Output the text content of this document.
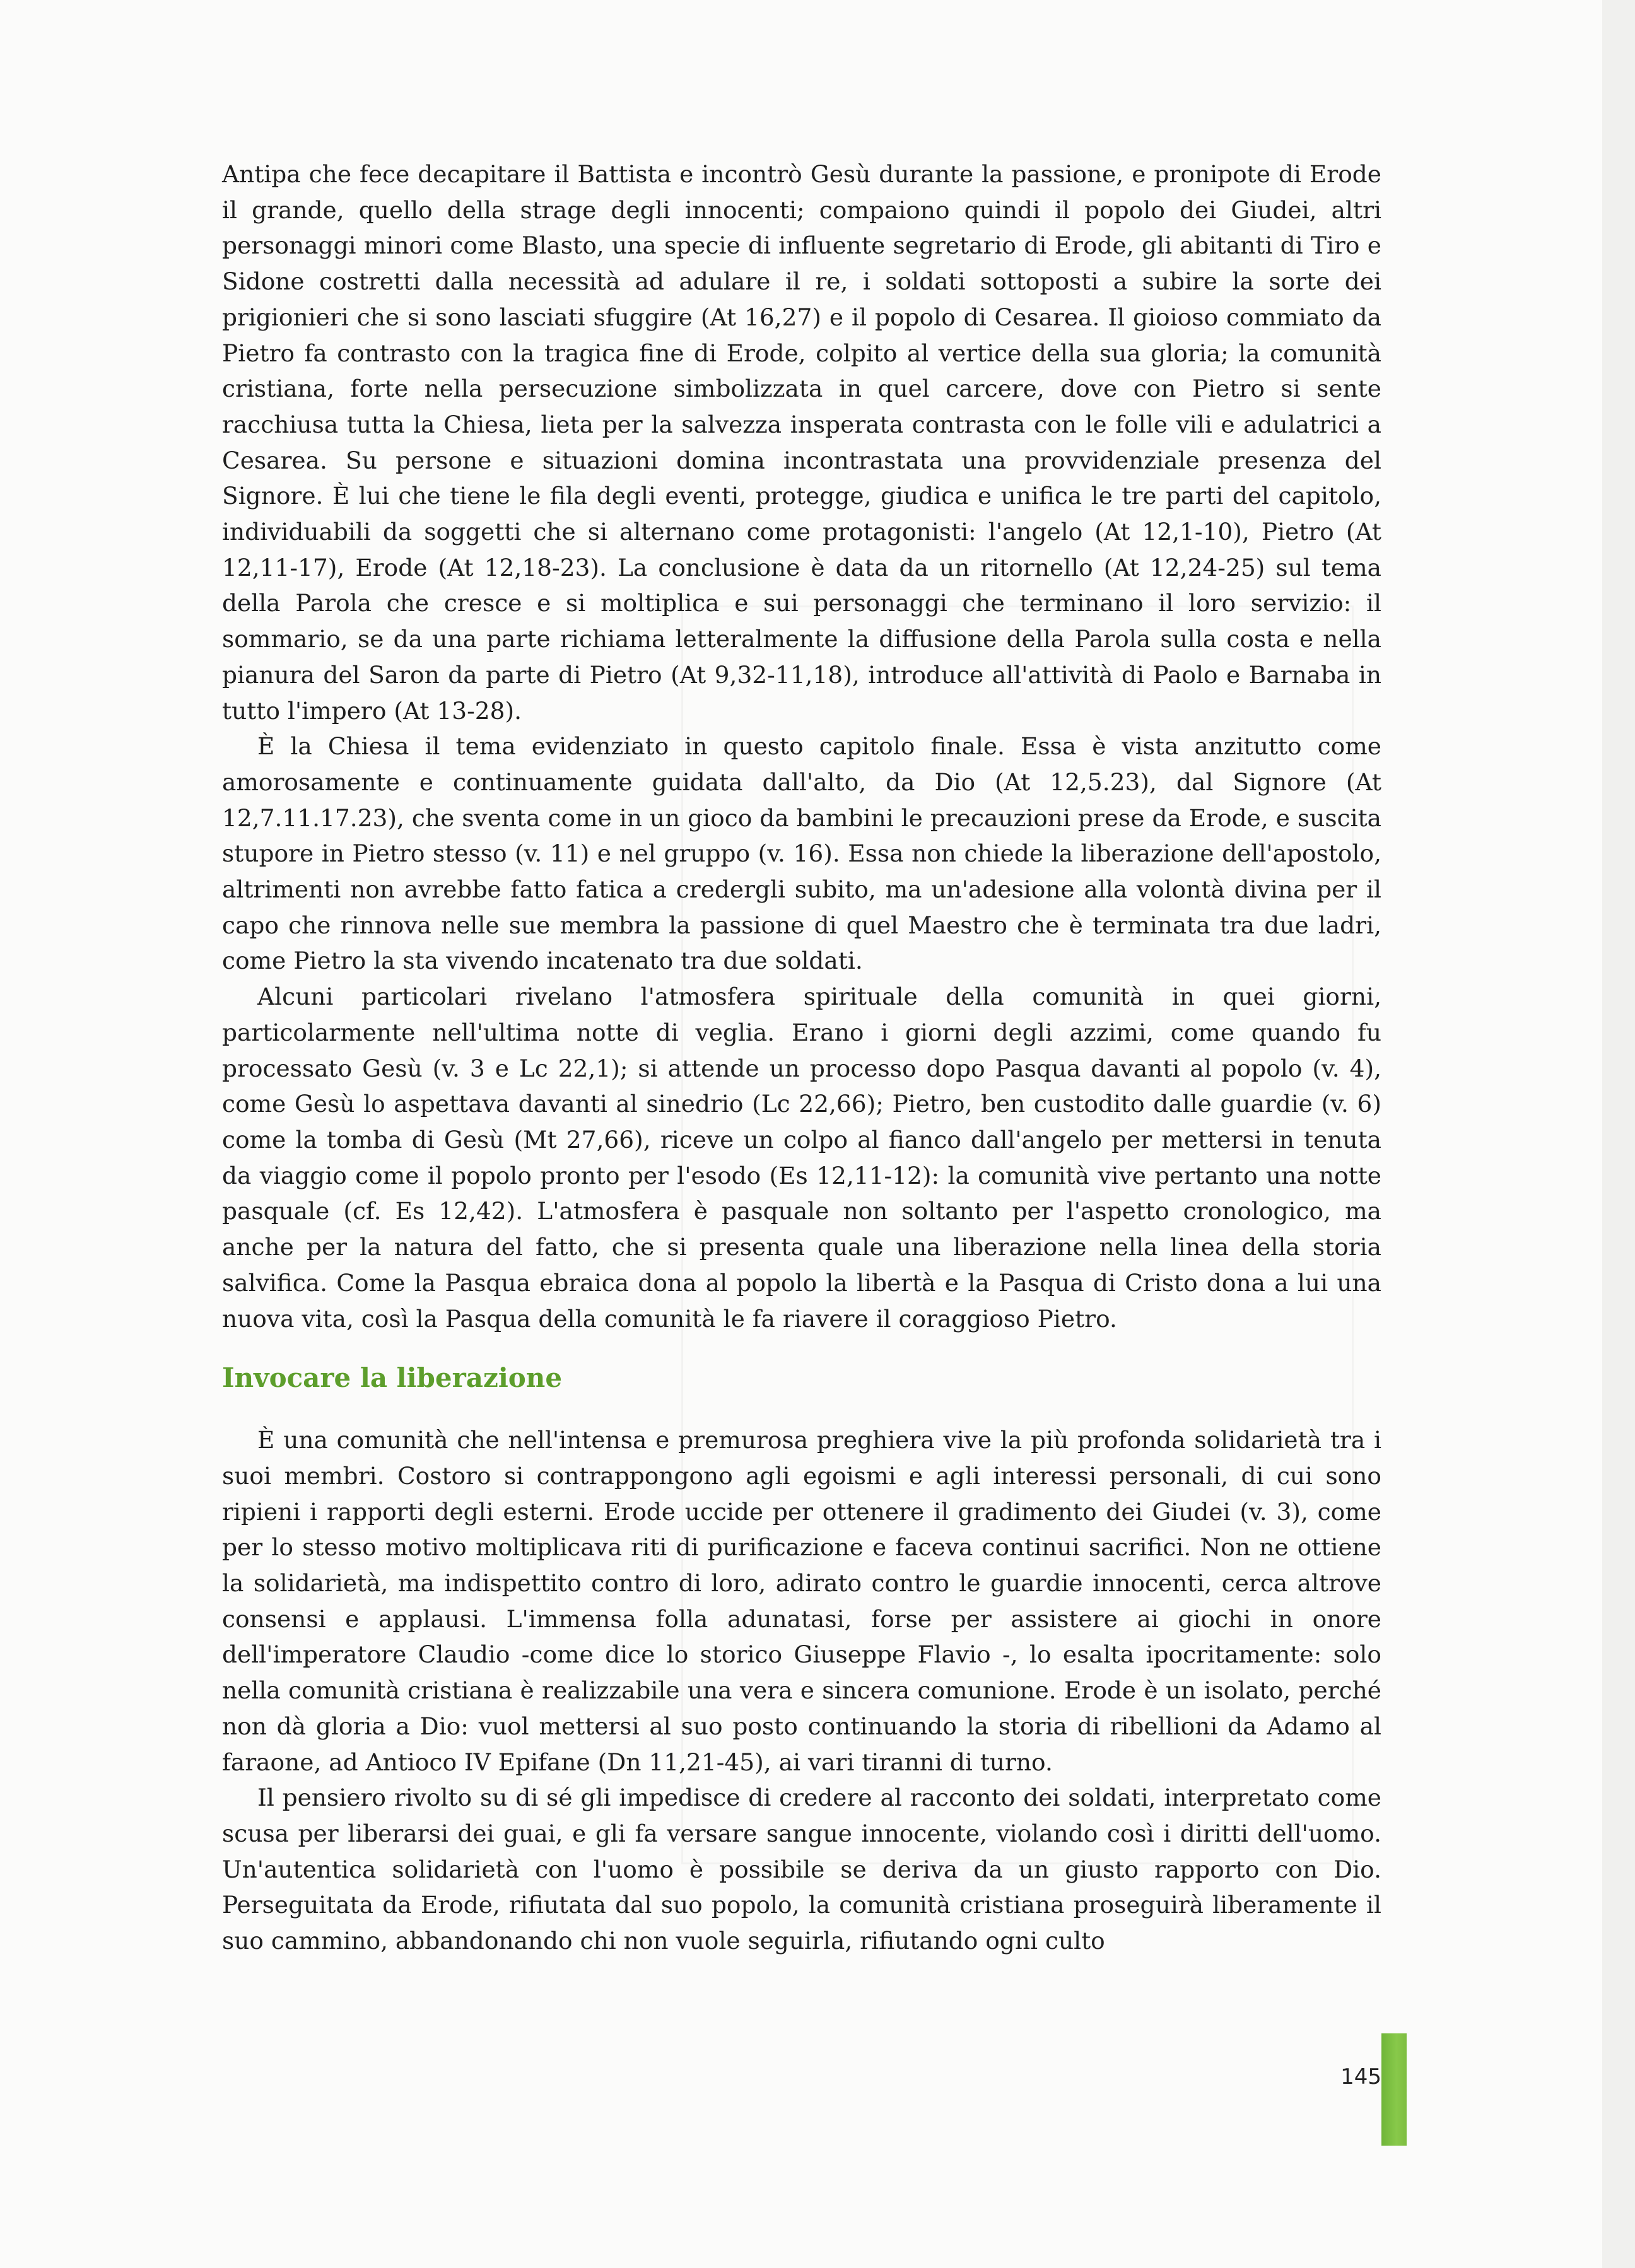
Antipa che fece decapitare il Battista e incontrò Gesù durante la passione, e pronipote di Erode il grande, quello della strage degli innocenti; compaiono quindi il popolo dei Giudei, altri personaggi minori come Blasto, una specie di influente segretario di Erode, gli abitanti di Tiro e Sidone costretti dalla necessità ad adulare il re, i soldati sottoposti a subire la sorte dei prigionieri che si sono lasciati sfuggire (At 16,27) e il popolo di Cesarea. Il gioioso commiato da Pietro fa contrasto con la tragica fine di Erode, colpito al vertice della sua gloria; la comunità cristiana, forte nella persecuzione simbolizzata in quel carcere, dove con Pietro si sente racchiusa tutta la Chiesa, lieta per la salvezza insperata contrasta con le folle vili e adulatrici a Cesarea. Su persone e situazioni domina incontrastata una provvidenziale presenza del Signore. È lui che tiene le fila degli eventi, protegge, giudica e unifica le tre parti del capitolo, individuabili da soggetti che si alternano come protagonisti: l'angelo (At 12,1-10), Pietro (At 12,11-17), Erode (At 12,18-23). La conclusione è data da un ritornello (At 12,24-25) sul tema della Parola che cresce e si moltiplica e sui personaggi che terminano il loro servizio: il sommario, se da una parte richiama letteralmente la diffusione della Parola sulla costa e nella pianura del Saron da parte di Pietro (At 9,32-11,18), introduce all'attività di Paolo e Barnaba in tutto l'impero (At 13-28).

È la Chiesa il tema evidenziato in questo capitolo finale. Essa è vista anzitutto come amorosamente e continuamente guidata dall'alto, da Dio (At 12,5.23), dal Signore (At 12,7.11.17.23), che sventa come in un gioco da bambini le precauzioni prese da Erode, e suscita stupore in Pietro stesso (v. 11) e nel gruppo (v. 16). Essa non chiede la liberazione dell'apostolo, altrimenti non avrebbe fatto fatica a credergli subito, ma un'adesione alla volontà divina per il capo che rinnova nelle sue membra la passione di quel Maestro che è terminata tra due ladri, come Pietro la sta vivendo incatenato tra due soldati.

Alcuni particolari rivelano l'atmosfera spirituale della comunità in quei giorni, particolarmente nell'ultima notte di veglia. Erano i giorni degli azzimi, come quando fu processato Gesù (v. 3 e Lc 22,1); si attende un processo dopo Pasqua davanti al popolo (v. 4), come Gesù lo aspettava davanti al sinedrio (Lc 22,66); Pietro, ben custodito dalle guardie (v. 6) come la tomba di Gesù (Mt 27,66), riceve un colpo al fianco dall'angelo per mettersi in tenuta da viaggio come il popolo pronto per l'esodo (Es 12,11-12): la comunità vive pertanto una notte pasquale (cf. Es 12,42). L'atmosfera è pasquale non soltanto per l'aspetto cronologico, ma anche per la natura del fatto, che si presenta quale una liberazione nella linea della storia salvifica. Come la Pasqua ebraica dona al popolo la libertà e la Pasqua di Cristo dona a lui una nuova vita, così la Pasqua della comunità le fa riavere il coraggioso Pietro.

Invocare la liberazione

È una comunità che nell'intensa e premurosa preghiera vive la più profonda solidarietà tra i suoi membri. Costoro si contrappongono agli egoismi e agli interessi personali, di cui sono ripieni i rapporti degli esterni. Erode uccide per ottenere il gradimento dei Giudei (v. 3), come per lo stesso motivo moltiplicava riti di purificazione e faceva continui sacrifici. Non ne ottiene la solidarietà, ma indispettito contro di loro, adirato contro le guardie innocenti, cerca altrove consensi e applausi. L'immensa folla adunatasi, forse per assistere ai giochi in onore dell'imperatore Claudio -come dice lo storico Giuseppe Flavio -, lo esalta ipocritamente: solo nella comunità cristiana è realizzabile una vera e sincera comunione. Erode è un isolato, perché non dà gloria a Dio: vuol mettersi al suo posto continuando la storia di ribellioni da Adamo al faraone, ad Antioco IV Epifane (Dn 11,21-45), ai vari tiranni di turno.

Il pensiero rivolto su di sé gli impedisce di credere al racconto dei soldati, interpretato come scusa per liberarsi dei guai, e gli fa versare sangue innocente, violando così i diritti dell'uomo. Un'autentica solidarietà con l'uomo è possibile se deriva da un giusto rapporto con Dio. Perseguitata da Erode, rifiutata dal suo popolo, la comunità cristiana proseguirà liberamente il suo cammino, abbandonando chi non vuole seguirla, rifiutando ogni culto

145
